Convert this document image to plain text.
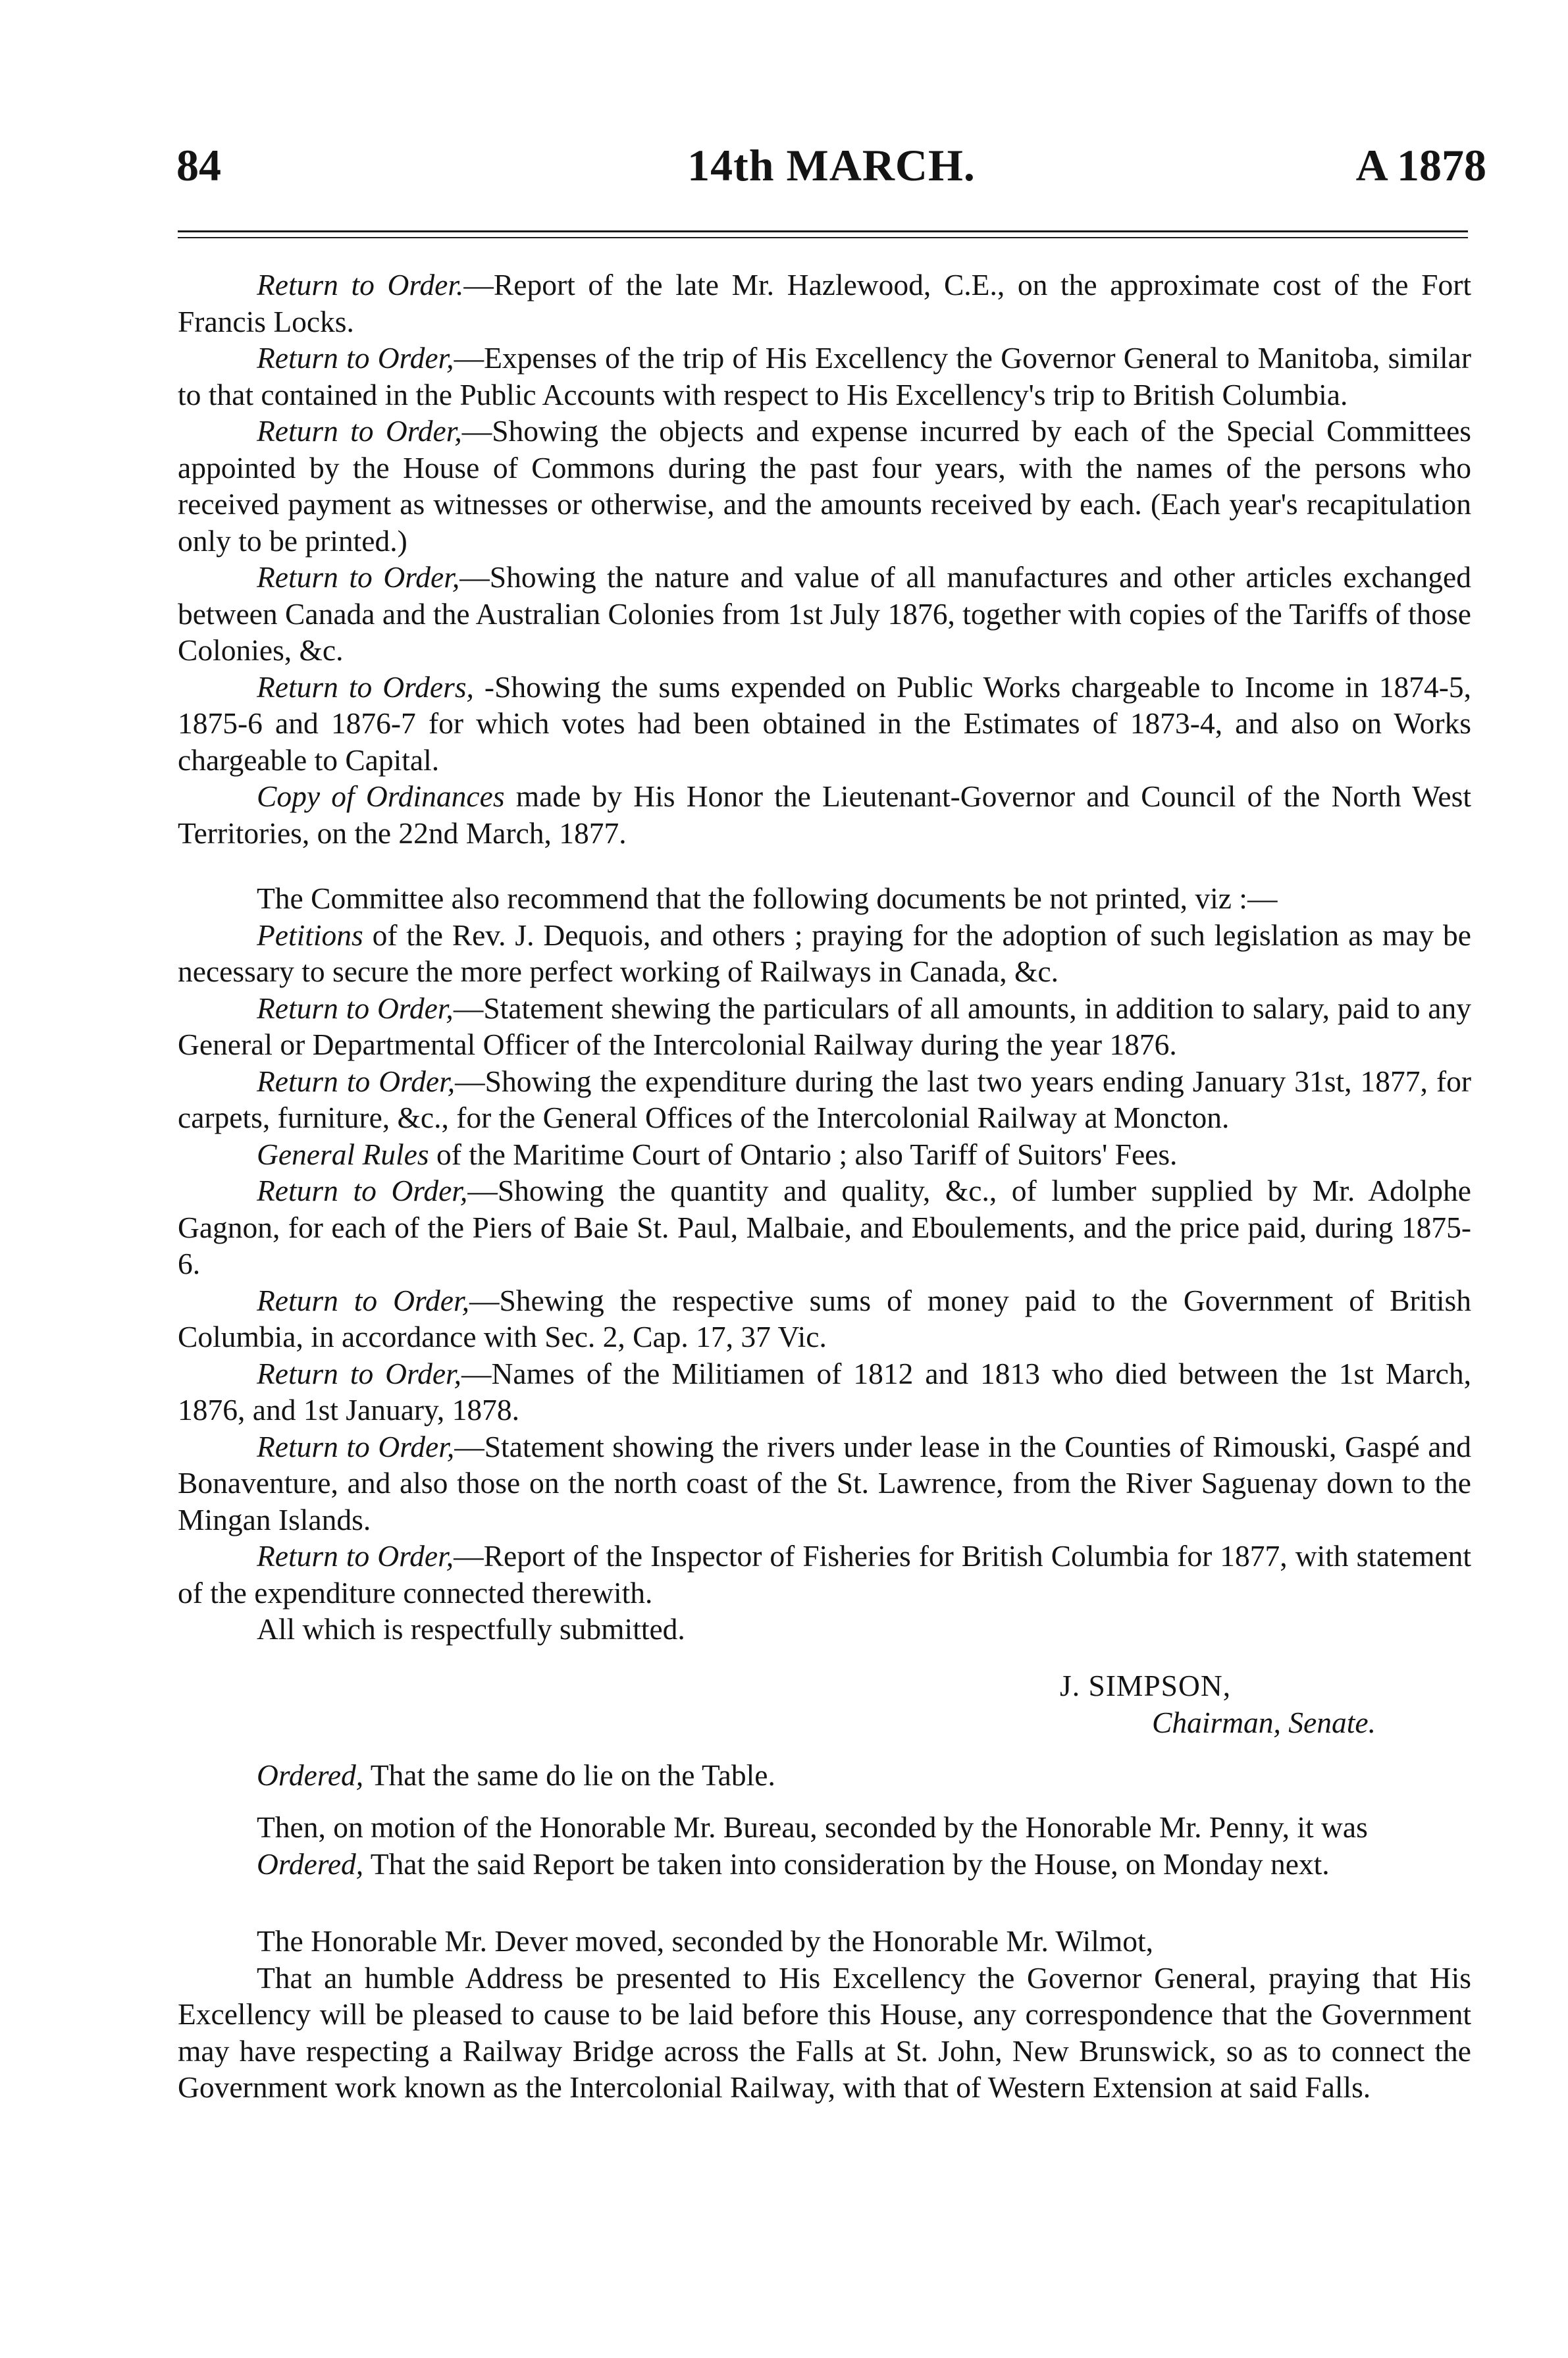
84	14th MARCH.	A 1878

Return to Order.—Report of the late Mr. Hazlewood, C.E., on the approximate cost of the Fort Francis Locks.

Return to Order,—Expenses of the trip of His Excellency the Governor General to Manitoba, similar to that contained in the Public Accounts with respect to His Excellency's trip to British Columbia.

Return to Order,—Showing the objects and expense incurred by each of the Special Committees appointed by the House of Commons during the past four years, with the names of the persons who received payment as witnesses or otherwise, and the amounts received by each. (Each year's recapitulation only to be printed.)

Return to Order,—Showing the nature and value of all manufactures and other articles exchanged between Canada and the Australian Colonies from 1st July 1876, together with copies of the Tariffs of those Colonies, &c.

Return to Orders, -Showing the sums expended on Public Works chargeable to Income in 1874-5, 1875-6 and 1876-7 for which votes had been obtained in the Estimates of 1873-4, and also on Works chargeable to Capital.

Copy of Ordinances made by His Honor the Lieutenant-Governor and Council of the North West Territories, on the 22nd March, 1877.

The Committee also recommend that the following documents be not printed, viz :—

Petitions of the Rev. J. Dequois, and others ; praying for the adoption of such legislation as may be necessary to secure the more perfect working of Railways in Canada, &c.

Return to Order,—Statement shewing the particulars of all amounts, in addition to salary, paid to any General or Departmental Officer of the Intercolonial Railway during the year 1876.

Return to Order,—Showing the expenditure during the last two years ending January 31st, 1877, for carpets, furniture, &c., for the General Offices of the Intercolonial Railway at Moncton.

General Rules of the Maritime Court of Ontario ; also Tariff of Suitors' Fees.

Return to Order,—Showing the quantity and quality, &c., of lumber supplied by Mr. Adolphe Gagnon, for each of the Piers of Baie St. Paul, Malbaie, and Eboulements, and the price paid, during 1875-6.

Return to Order,—Shewing the respective sums of money paid to the Government of British Columbia, in accordance with Sec. 2, Cap. 17, 37 Vic.

Return to Order,—Names of the Militiamen of 1812 and 1813 who died between the 1st March, 1876, and 1st January, 1878.

Return to Order,—Statement showing the rivers under lease in the Counties of Rimouski, Gaspé and Bonaventure, and also those on the north coast of the St. Lawrence, from the River Saguenay down to the Mingan Islands.

Return to Order,—Report of the Inspector of Fisheries for British Columbia for 1877, with statement of the expenditure connected therewith.

All which is respectfully submitted.

J. SIMPSON,
Chairman, Senate.

Ordered, That the same do lie on the Table.

Then, on motion of the Honorable Mr. Bureau, seconded by the Honorable Mr. Penny, it was

Ordered, That the said Report be taken into consideration by the House, on Monday next.

The Honorable Mr. Dever moved, seconded by the Honorable Mr. Wilmot,

That an humble Address be presented to His Excellency the Governor General, praying that His Excellency will be pleased to cause to be laid before this House, any correspondence that the Government may have respecting a Railway Bridge across the Falls at St. John, New Brunswick, so as to connect the Government work known as the Intercolonial Railway, with that of Western Extension at said Falls.
